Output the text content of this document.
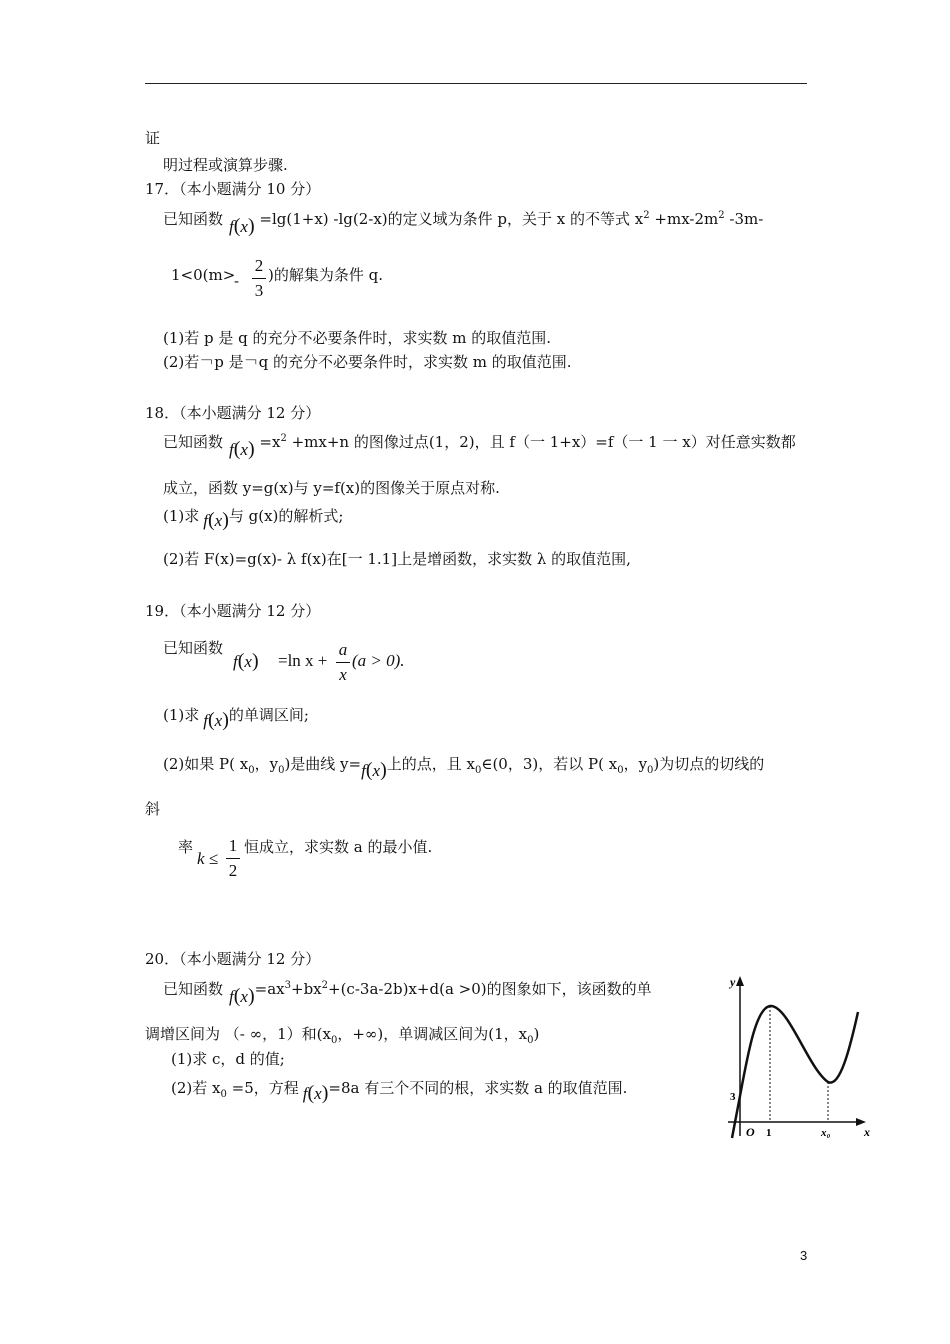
证
明过程或演算步骤.
17．（本小题满分 10 分）
已知函数 f(x) =lg(1+x) -lg(2-x)的定义域为条件 p，关于 x 的不等式 $x^2 +mx-2m^2$ -3m-
1<0(m>
-
2
3
)的解集为条件 q.
(1)若 p 是 q 的充分不必要条件时，求实数 m 的取值范围.
(2)若￢p 是￢q 的充分不必要条件时，求实数 m 的取值范围.
18．（本小题满分 12 分）
已知函数 $f(x) =x^2 +mx+n$ 的图像过点(1，2)，且 f（一 1+x）=f（一 1 一 x）对任意实数都
成立，函数 y=g(x)与 y=f(x)的图像关于原点对称.
(1)求 f(x)与 g(x)的解析式;
(2)若 F(x)=g(x)- λ f(x)在[一 1.1]上是增函数，求实数 λ 的取值范围,
19．（本小题满分 12 分）
已知函数
f(x) =ln x +
a
x
(a > 0).
(1)求 f(x)的单调区间;
(2)如果 P( $x_0$，$y_0$)是曲线 y=f(x)上的点，且 $x_0\in(0$，3)，若以 P( $x_0$，$y_0$)为切点的切线的
斜
率
k ≤
1
2
恒成立，求实数 a 的最小值.
20．（本小题满分 12 分）
已知函数 $f(x)=ax^3+bx^2+(c-3a-2b)x+d(a >0)$的图象如下，该函数的单
调增区间为 （- ∞，1）和($x_0$，+∞)，单调减区间为(1，$x_0$)
(1)求 c，d 的值;
(2)若 $x_0 =5$，方程 f(x)=8a 有三个不同的根，求实数 a 的取值范围.
y
x
O 1
3
x₀
3
